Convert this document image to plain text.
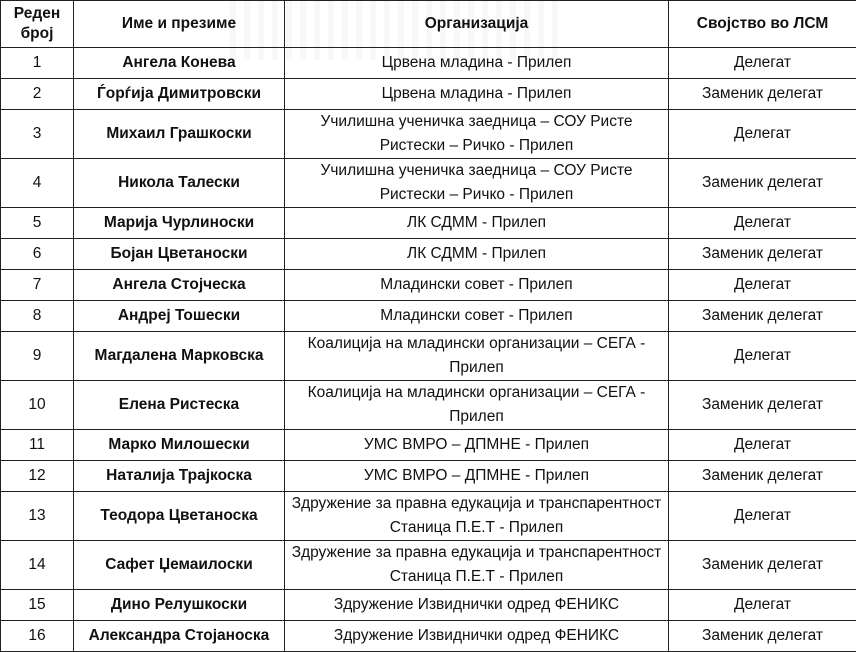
Реден број	Име и презиме	Организација	Својство во ЛСМ
1	Ангела Конева	Црвена младина - Прилеп	Делегат
2	Ѓорѓија Димитровски	Црвена младина - Прилеп	Заменик делегат
3	Михаил Грашкоски	Училишна ученичка заедница – СОУ Ристе Ристески – Ричко - Прилеп	Делегат
4	Никола Талески	Училишна ученичка заедница – СОУ Ристе Ристески – Ричко - Прилеп	Заменик делегат
5	Марија Чурлиноски	ЛК СДММ - Прилеп	Делегат
6	Бојан Цветаноски	ЛК СДММ - Прилеп	Заменик делегат
7	Ангела Стојческа	Младински совет - Прилеп	Делегат
8	Андреј Тошески	Младински совет - Прилеп	Заменик делегат
9	Магдалена Марковска	Коалиција на младински организации – СЕГА - Прилеп	Делегат
10	Елена Ристеска	Коалиција на младински организации – СЕГА - Прилеп	Заменик делегат
11	Марко Милошески	УМС ВМРО – ДПМНЕ - Прилеп	Делегат
12	Наталија Трајкоска	УМС ВМРО – ДПМНЕ - Прилеп	Заменик делегат
13	Теодора Цветаноска	Здружение за правна едукација и транспарентност Станица П.Е.Т - Прилеп	Делегат
14	Сафет Џемаилоски	Здружение за правна едукација и транспарентност Станица П.Е.Т - Прилеп	Заменик делегат
15	Дино Релушкоски	Здружение Извиднички одред ФЕНИКС	Делегат
16	Александра Стојаноска	Здружение Извиднички одред ФЕНИКС	Заменик делегат
